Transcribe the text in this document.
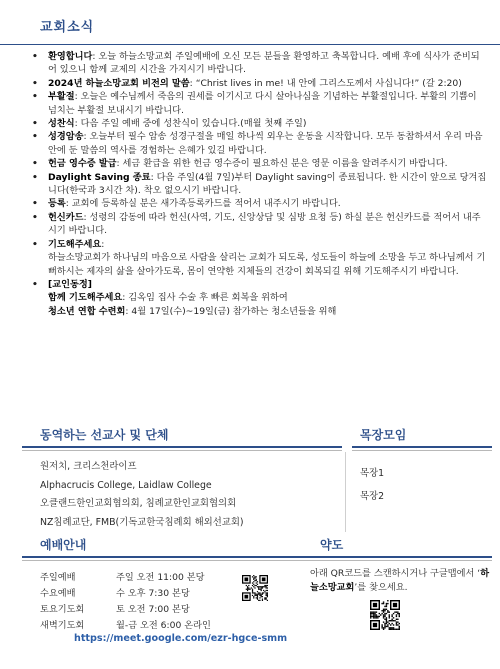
교회소식
• 환영합니다: 오늘 하늘소망교회 주일예배에 오신 모든 분들을 환영하고 축복합니다. 예배 후에 식사가 준비되어 있으니 함께 교제의 시간을 가지시기 바랍니다.
• 2024년 하늘소망교회 비전의 말씀: “Christ lives in me! 내 안에 그리스도께서 사십니다!” (갈 2:20)
• 부활절: 오늘은 예수님께서 죽음의 권세를 이기시고 다시 살아나심을 기념하는 부활절입니다. 부활의 기쁨이 넘치는 부활절 보내시기 바랍니다.
• 성찬식: 다음 주일 예배 중에 성찬식이 있습니다.(매월 첫째 주일)
• 성경암송: 오늘부터 필수 암송 성경구절을 매일 하나씩 외우는 운동을 시작합니다. 모두 동참하셔서 우리 마음 안에 둔 말씀의 역사를 경험하는 은혜가 있길 바랍니다.
• 헌금 영수증 발급: 세금 환급을 위한 헌금 영수증이 필요하신 분은 영문 이름을 알려주시기 바랍니다.
• Daylight Saving 종료: 다음 주일(4월 7일)부터 Daylight saving이 종료됩니다. 한 시간이 앞으로 당겨집니다(한국과 3시간 차). 착오 없으시기 바랍니다.
• 등록: 교회에 등록하실 분은 새가족등록카드를 적어서 내주시기 바랍니다.
• 헌신카드: 성령의 감동에 따라 헌신(사역, 기도, 신앙상담 및 심방 요청 등) 하실 분은 헌신카드를 적어서 내주시기 바랍니다.
• 기도해주세요:
하늘소망교회가 하나님의 마음으로 사람을 살리는 교회가 되도록, 성도들이 하늘에 소망을 두고 하나님께서 기뻐하시는 제자의 삶을 살아가도록, 몸이 연약한 지체들의 건강이 회복되길 위해 기도해주시기 바랍니다.
• [교인동정]
함께 기도해주세요: 김옥임 집사 수술 후 빠른 회복을 위하여
청소년 연합 수련회: 4월 17일(수)~19일(금) 참가하는 청소년들을 위해
동역하는 선교사 및 단체
원저치, 크리스천라이프
Alphacrucis College, Laidlaw College
오클랜드한인교회협의회, 침례교한인교회협의회
NZ침례교단, FMB(기독교한국침례회 해외선교회)
목장모임
목장1
목장2
예배안내
주일예배	주일 오전 11:00 본당
수요예배	수 오후 7:30 본당
토요기도회	토 오전 7:00 본당
새벽기도회	월-금 오전 6:00 온라인
https://meet.google.com/ezr-hgce-smm
약도
아래 QR코드를 스캔하시거나 구글맵에서 ‘하늘소망교회’를 찾으세요.
